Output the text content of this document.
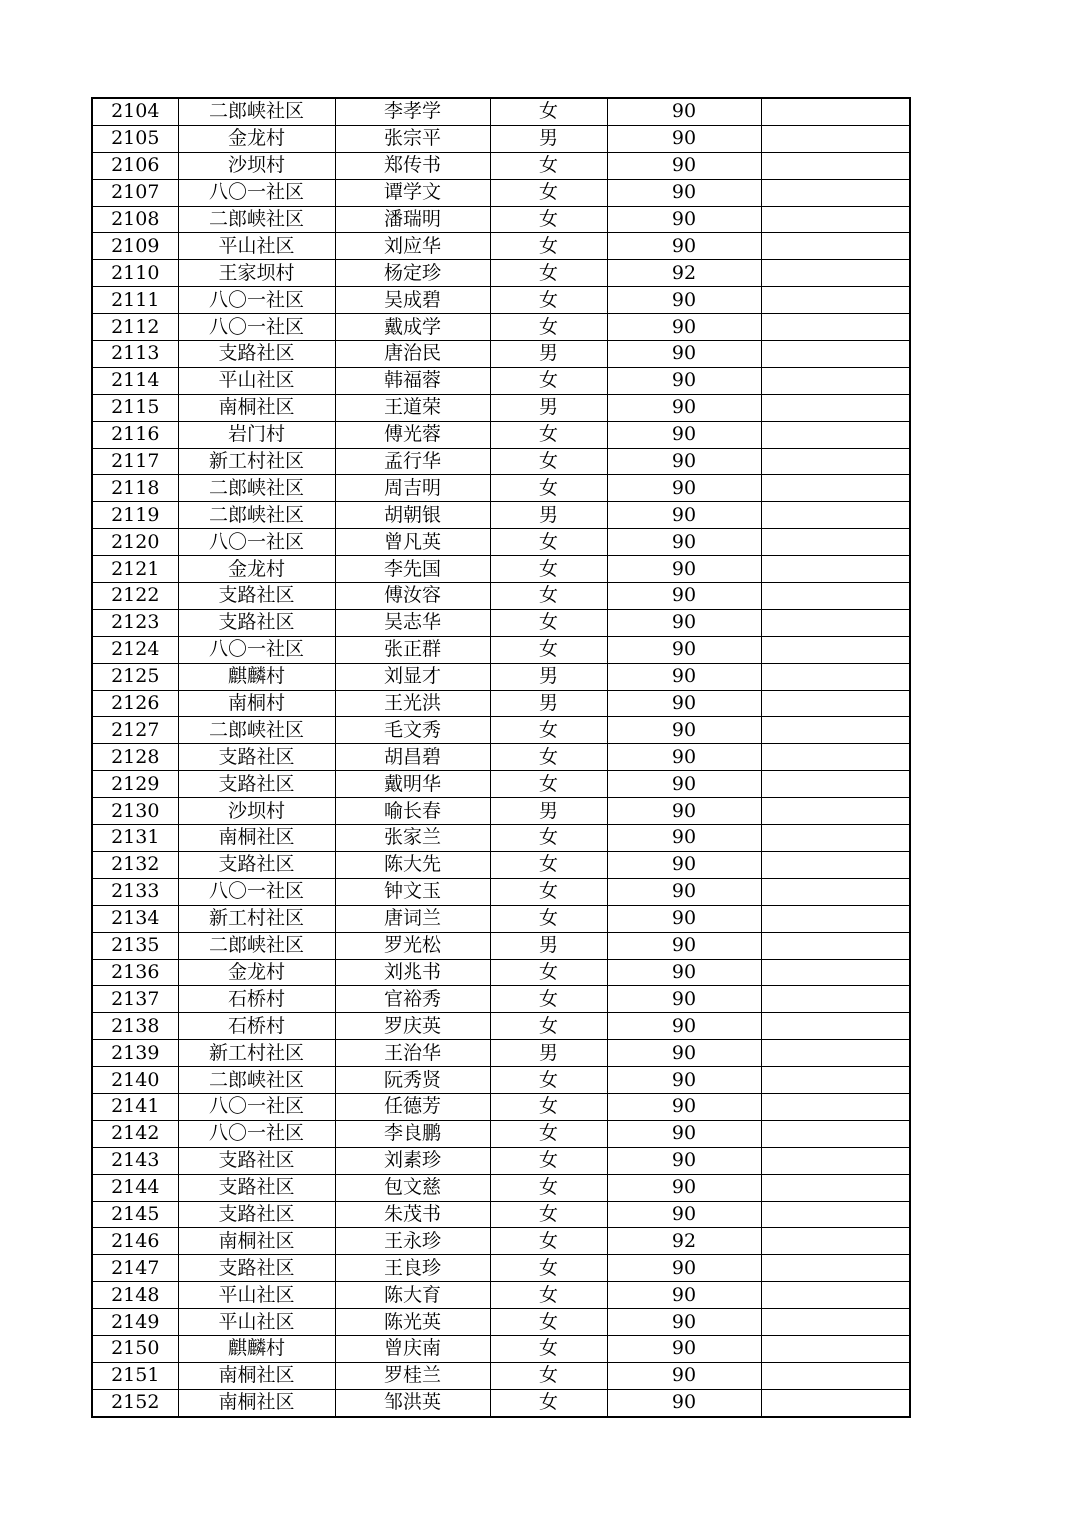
2104	二郎峡社区	李孝学	女	90	
2105	金龙村	张宗平	男	90	
2106	沙坝村	郑传书	女	90	
2107	八〇一社区	谭学文	女	90	
2108	二郎峡社区	潘瑞明	女	90	
2109	平山社区	刘应华	女	90	
2110	王家坝村	杨定珍	女	92	
2111	八〇一社区	吴成碧	女	90	
2112	八〇一社区	戴成学	女	90	
2113	支路社区	唐治民	男	90	
2114	平山社区	韩福蓉	女	90	
2115	南桐社区	王道荣	男	90	
2116	岩门村	傅光蓉	女	90	
2117	新工村社区	孟行华	女	90	
2118	二郎峡社区	周吉明	女	90	
2119	二郎峡社区	胡朝银	男	90	
2120	八〇一社区	曾凡英	女	90	
2121	金龙村	李先国	女	90	
2122	支路社区	傅汝容	女	90	
2123	支路社区	吴志华	女	90	
2124	八〇一社区	张正群	女	90	
2125	麒麟村	刘显才	男	90	
2126	南桐村	王光洪	男	90	
2127	二郎峡社区	毛文秀	女	90	
2128	支路社区	胡昌碧	女	90	
2129	支路社区	戴明华	女	90	
2130	沙坝村	喻长春	男	90	
2131	南桐社区	张家兰	女	90	
2132	支路社区	陈大先	女	90	
2133	八〇一社区	钟文玉	女	90	
2134	新工村社区	唐词兰	女	90	
2135	二郎峡社区	罗光松	男	90	
2136	金龙村	刘兆书	女	90	
2137	石桥村	官裕秀	女	90	
2138	石桥村	罗庆英	女	90	
2139	新工村社区	王治华	男	90	
2140	二郎峡社区	阮秀贤	女	90	
2141	八〇一社区	任德芳	女	90	
2142	八〇一社区	李良鹏	女	90	
2143	支路社区	刘素珍	女	90	
2144	支路社区	包文慈	女	90	
2145	支路社区	朱茂书	女	90	
2146	南桐社区	王永珍	女	92	
2147	支路社区	王良珍	女	90	
2148	平山社区	陈大育	女	90	
2149	平山社区	陈光英	女	90	
2150	麒麟村	曾庆南	女	90	
2151	南桐社区	罗桂兰	女	90	
2152	南桐社区	邹洪英	女	90	
